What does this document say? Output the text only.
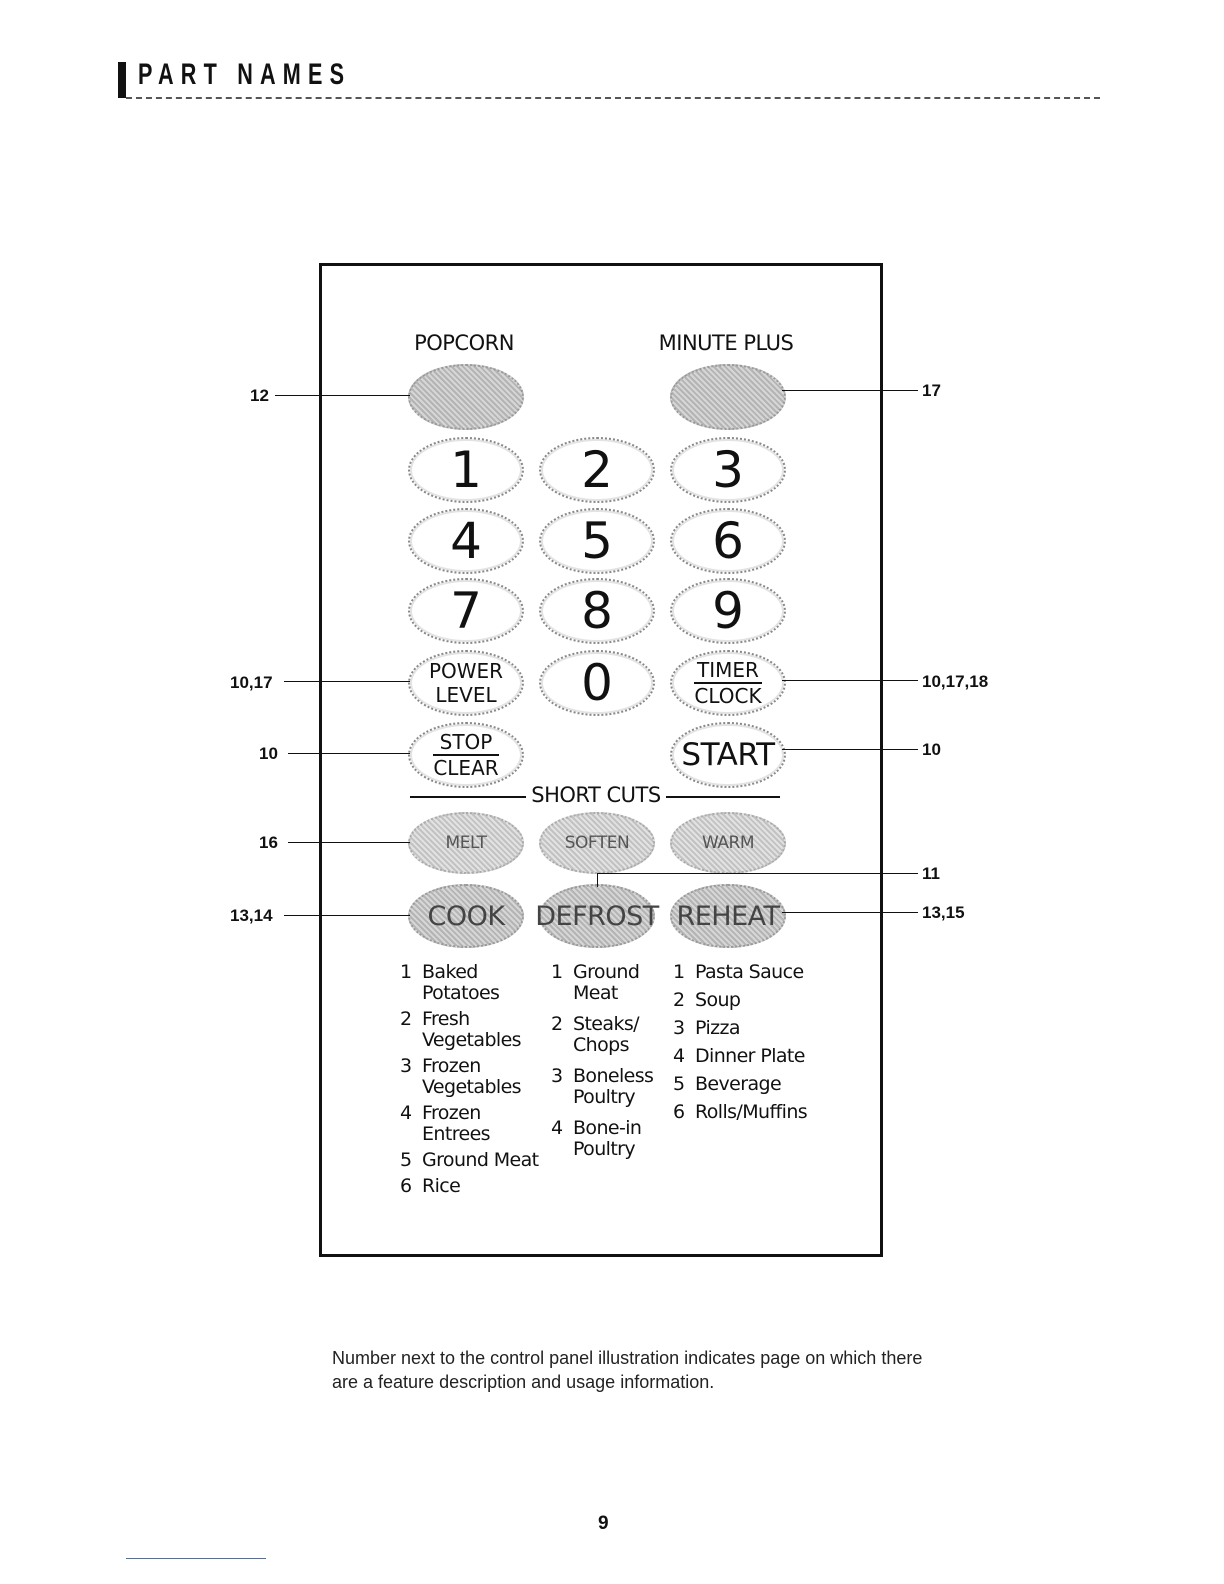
PART NAMES
POPCORN	MINUTE PLUS
1 2 3
4 5 6
7 8 9
POWER
LEVEL 0	TIMER
CLOCK
STOP
CLEAR	START
SHORT CUTS
MELT	SOFTEN	WARM
COOK DEFROST REHEAT
1 Baked
Potatoes
2 Fresh
Vegetables
3 Frozen
Vegetables
4 Frozen
Entrees
5 Ground Meat
6 Rice
1 Ground
Meat
2 Steaks/
Chops
3 Boneless
Poultry
4 Bone-in
Poultry
1 Pasta Sauce
2 Soup
3 Pizza
4 Dinner Plate
5 Beverage
6 Rolls/Muffins
12	17
10,17	10,17,18
10	10
16
11
13,14	13,15
Number next to the control panel illustration indicates page on which there are a feature description and usage information.
9
